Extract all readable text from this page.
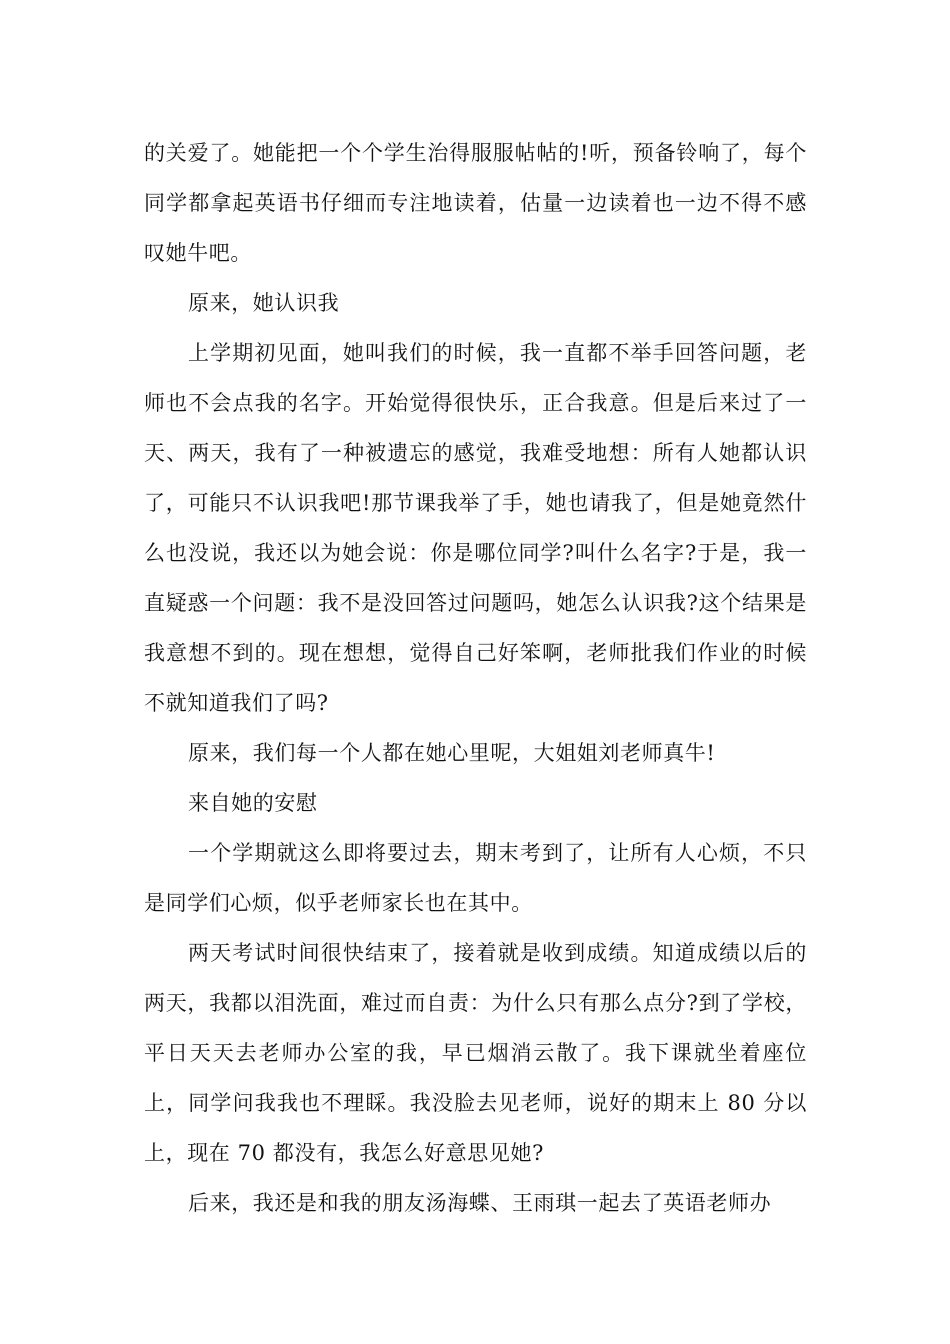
的关爱了。她能把一个个学生治得服服帖帖的!听，预备铃响了，每个同学都拿起英语书仔细而专注地读着，估量一边读着也一边不得不感叹她牛吧。

原来，她认识我

上学期初见面，她叫我们的时候，我一直都不举手回答问题，老师也不会点我的名字。开始觉得很快乐，正合我意。但是后来过了一天、两天，我有了一种被遗忘的感觉，我难受地想：所有人她都认识了，可能只不认识我吧!那节课我举了手，她也请我了，但是她竟然什么也没说，我还以为她会说：你是哪位同学?叫什么名字?于是，我一直疑惑一个问题：我不是没回答过问题吗，她怎么认识我?这个结果是我意想不到的。现在想想，觉得自己好笨啊，老师批我们作业的时候不就知道我们了吗?

原来，我们每一个人都在她心里呢，大姐姐刘老师真牛!

来自她的安慰

一个学期就这么即将要过去，期末考到了，让所有人心烦，不只是同学们心烦，似乎老师家长也在其中。

两天考试时间很快结束了，接着就是收到成绩。知道成绩以后的两天，我都以泪洗面，难过而自责：为什么只有那么点分?到了学校，平日天天去老师办公室的我，早已烟消云散了。我下课就坐着座位上，同学问我我也不理睬。我没脸去见老师，说好的期末上 80 分以上，现在 70 都没有，我怎么好意思见她?

后来，我还是和我的朋友汤海蝶、王雨琪一起去了英语老师办
